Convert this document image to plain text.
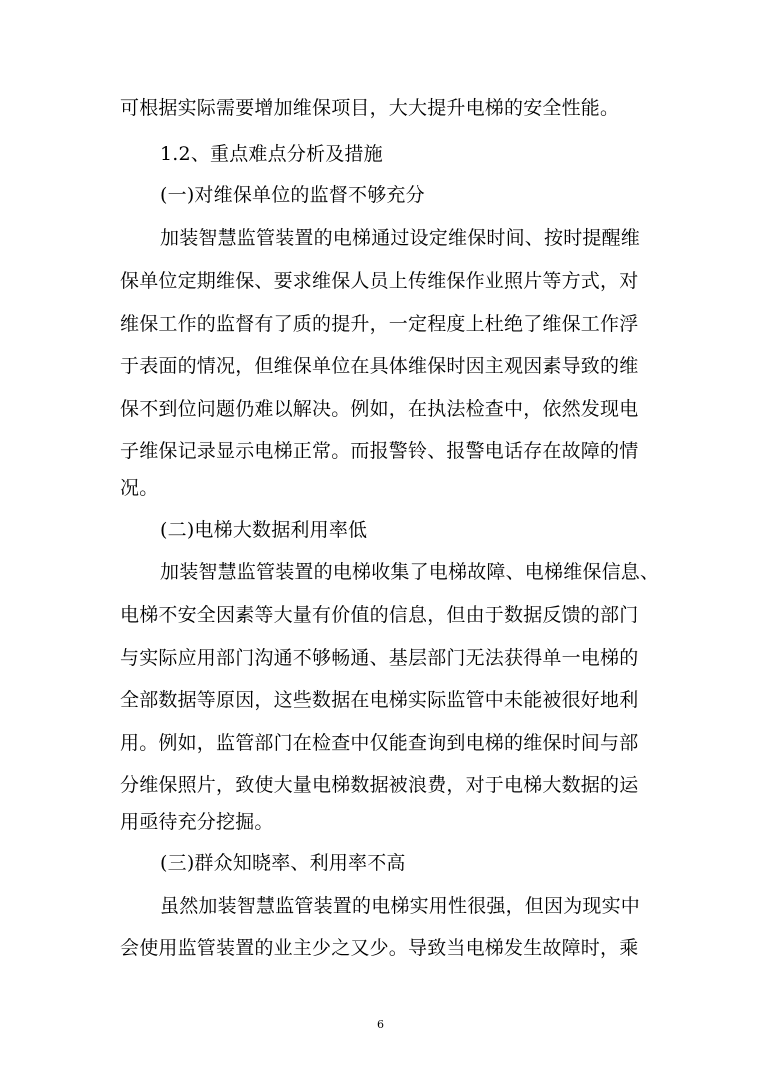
可根据实际需要增加维保项目，大大提升电梯的安全性能。
1.2、重点难点分析及措施
(一)对维保单位的监督不够充分
加装智慧监管装置的电梯通过设定维保时间、按时提醒维
保单位定期维保、要求维保人员上传维保作业照片等方式，对
维保工作的监督有了质的提升，一定程度上杜绝了维保工作浮
于表面的情况，但维保单位在具体维保时因主观因素导致的维
保不到位问题仍难以解决。例如，在执法检查中，依然发现电
子维保记录显示电梯正常。而报警铃、报警电话存在故障的情
况。
(二)电梯大数据利用率低
加装智慧监管装置的电梯收集了电梯故障、电梯维保信息、
电梯不安全因素等大量有价值的信息，但由于数据反馈的部门
与实际应用部门沟通不够畅通、基层部门无法获得单一电梯的
全部数据等原因，这些数据在电梯实际监管中未能被很好地利
用。例如，监管部门在检查中仅能查询到电梯的维保时间与部
分维保照片，致使大量电梯数据被浪费，对于电梯大数据的运
用亟待充分挖掘。
(三)群众知晓率、利用率不高
虽然加装智慧监管装置的电梯实用性很强，但因为现实中
会使用监管装置的业主少之又少。导致当电梯发生故障时，乘
6
